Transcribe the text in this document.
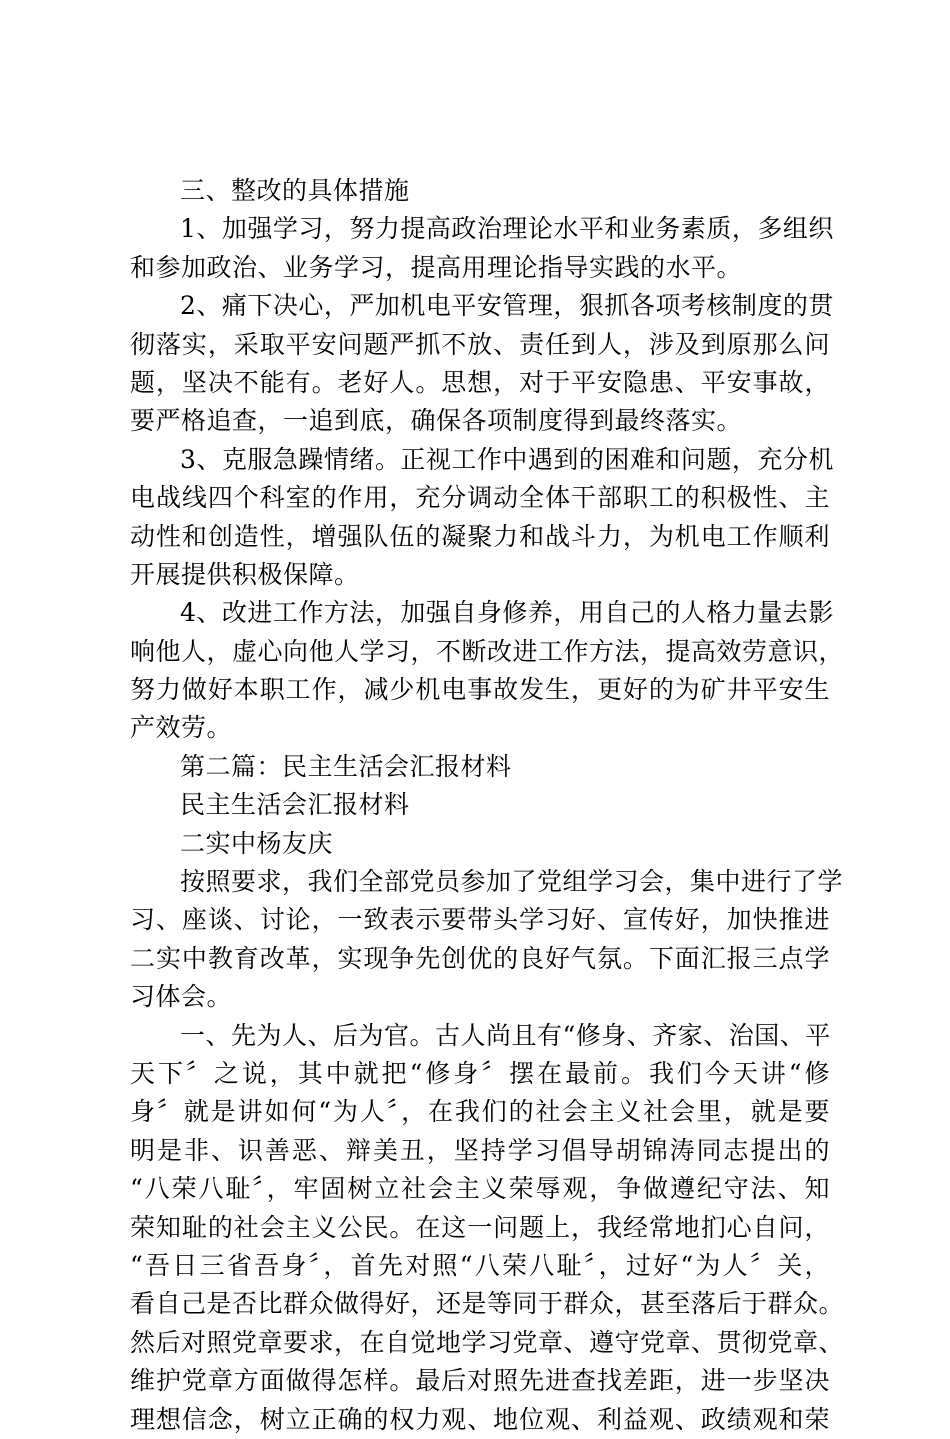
三、整改的具体措施
1、加强学习，努力提高政治理论水平和业务素质，多组织
和参加政治、业务学习，提高用理论指导实践的水平。
2、痛下决心，严加机电平安管理，狠抓各项考核制度的贯
彻落实，采取平安问题严抓不放、责任到人，涉及到原那么问
题，坚决不能有。老好人。思想，对于平安隐患、平安事故，
要严格追查，一追到底，确保各项制度得到最终落实。
3、克服急躁情绪。正视工作中遇到的困难和问题，充分机
电战线四个科室的作用，充分调动全体干部职工的积极性、主
动性和创造性，增强队伍的凝聚力和战斗力，为机电工作顺利
开展提供积极保障。
4、改进工作方法，加强自身修养，用自己的人格力量去影
响他人，虚心向他人学习，不断改进工作方法，提高效劳意识，
努力做好本职工作，减少机电事故发生，更好的为矿井平安生
产效劳。
第二篇：民主生活会汇报材料
民主生活会汇报材料
二实中杨友庆
按照要求，我们全部党员参加了党组学习会，集中进行了学
习、座谈、讨论，一致表示要带头学习好、宣传好，加快推进
二实中教育改革，实现争先创优的良好气氛。下面汇报三点学
习体会。
一、先为人、后为官。古人尚且有“修身、齐家、治国、平
天下〞之说，其中就把“修身〞摆在最前。我们今天讲“修
身〞就是讲如何“为人〞，在我们的社会主义社会里，就是要
明是非、识善恶、辩美丑，坚持学习倡导胡锦涛同志提出的
“八荣八耻〞，牢固树立社会主义荣辱观，争做遵纪守法、知
荣知耻的社会主义公民。在这一问题上，我经常地扪心自问，
“吾日三省吾身〞，首先对照“八荣八耻〞，过好“为人〞关，
看自己是否比群众做得好，还是等同于群众，甚至落后于群众。
然后对照党章要求，在自觉地学习党章、遵守党章、贯彻党章、
维护党章方面做得怎样。最后对照先进查找差距，进一步坚决
理想信念，树立正确的权力观、地位观、利益观、政绩观和荣
